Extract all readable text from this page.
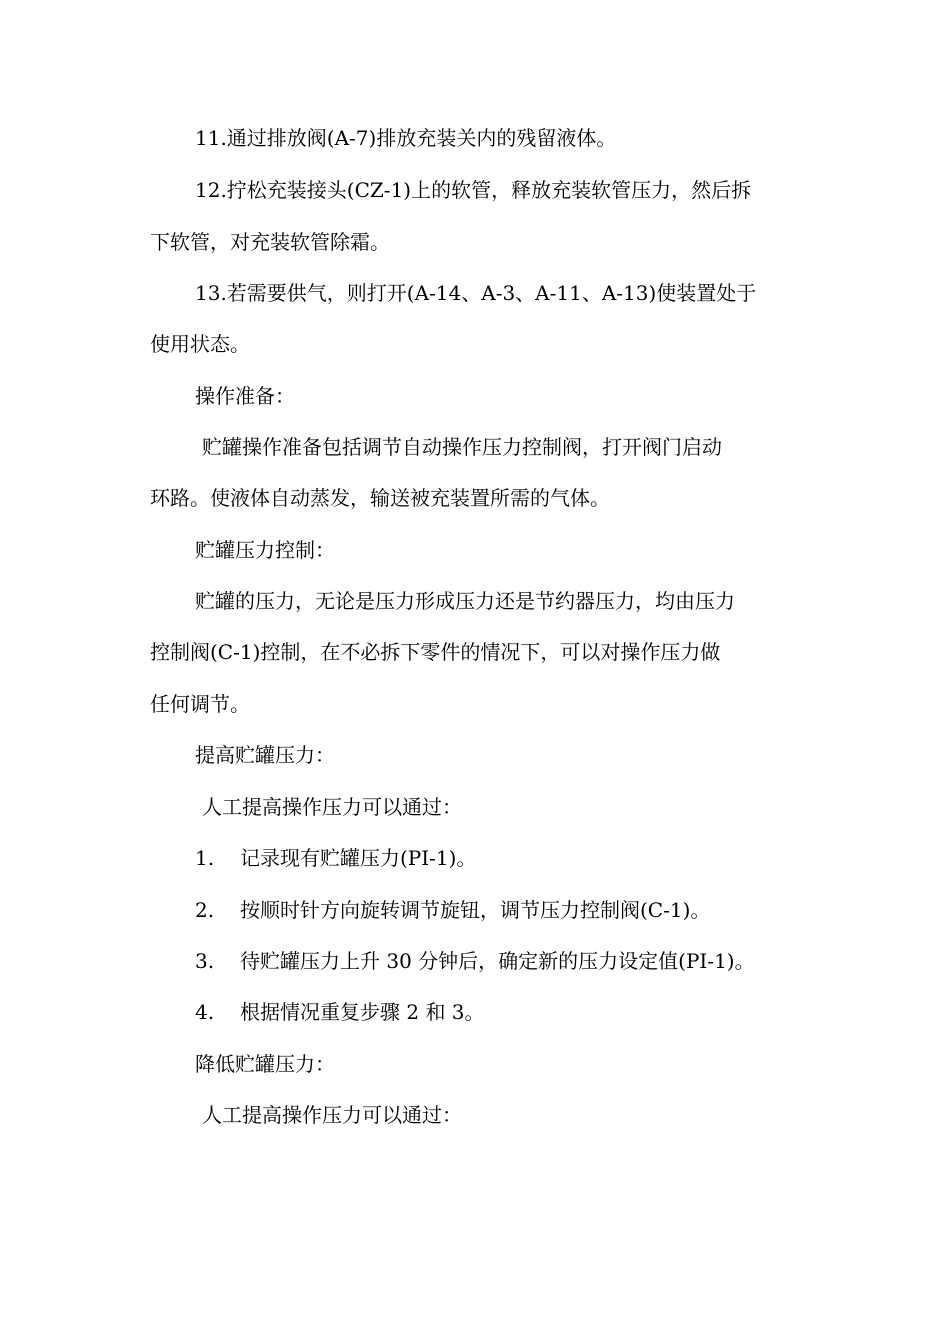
11.通过排放阀(A-7)排放充装关内的残留液体。
12.拧松充装接头(CZ-1)上的软管，释放充装软管压力，然后拆
下软管，对充装软管除霜。
13.若需要供气，则打开(A-14、A-3、A-11、A-13)使装置处于
使用状态。
操作准备：
贮罐操作准备包括调节自动操作压力控制阀，打开阀门启动
环路。使液体自动蒸发，输送被充装置所需的气体。
贮罐压力控制：
贮罐的压力，无论是压力形成压力还是节约器压力，均由压力
控制阀(C-1)控制，在不必拆下零件的情况下，可以对操作压力做
任何调节。
提高贮罐压力：
人工提高操作压力可以通过：
1. 记录现有贮罐压力(PI-1)。
2. 按顺时针方向旋转调节旋钮，调节压力控制阀(C-1)。
3. 待贮罐压力上升 30 分钟后，确定新的压力设定值(PI-1)。
4. 根据情况重复步骤 2 和 3。
降低贮罐压力：
人工提高操作压力可以通过：
